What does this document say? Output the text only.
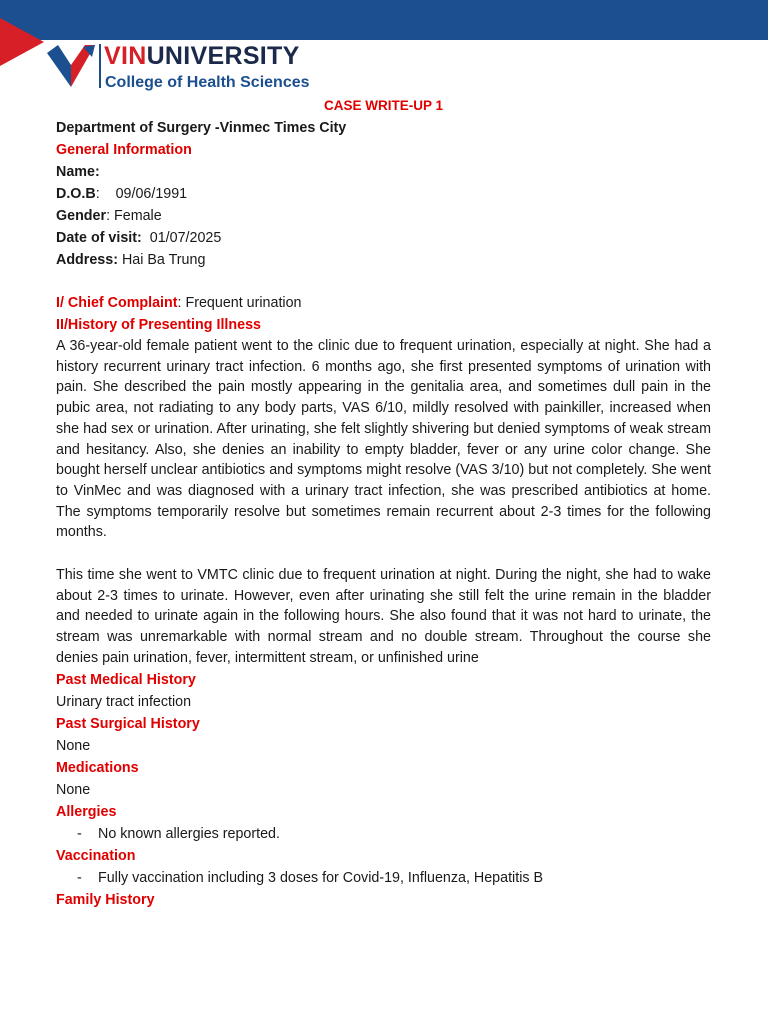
VINUNIVERSITY
College of Health Sciences

CASE WRITE-UP 1

Department of Surgery -Vinmec Times City

General Information

Name:

D.O.B:    09/06/1991

Gender: Female

Date of visit:  01/07/2025

Address: Hai Ba Trung

I/ Chief Complaint: Frequent urination

II/History of Presenting Illness

A 36-year-old female patient went to the clinic due to frequent urination, especially at night. She had a history recurrent urinary tract infection. 6 months ago, she first presented symptoms of urination with pain. She described the pain mostly appearing in the genitalia area, and sometimes dull pain in the pubic area, not radiating to any body parts, VAS 6/10, mildly resolved with painkiller, increased when she had sex or urination. After urinating, she felt slightly shivering but denied symptoms of weak stream and hesitancy. Also, she denies an inability to empty bladder, fever or any urine color change. She bought herself unclear antibiotics and symptoms might resolve (VAS 3/10) but not completely. She went to VinMec and was diagnosed with a urinary tract infection, she was prescribed antibiotics at home. The symptoms temporarily resolve but sometimes remain recurrent about 2-3 times for the following months.

This time she went to VMTC clinic due to frequent urination at night. During the night, she had to wake about 2-3 times to urinate. However, even after urinating she still felt the urine remain in the bladder and needed to urinate again in the following hours. She also found that it was not hard to urinate, the stream was unremarkable with normal stream and no double stream. Throughout the course she denies pain urination, fever, intermittent stream, or unfinished urine

Past Medical History

Urinary tract infection

Past Surgical History

None

Medications

None

Allergies

-	No known allergies reported.

Vaccination

-	Fully vaccination including 3 doses for Covid-19, Influenza, Hepatitis B

Family History
